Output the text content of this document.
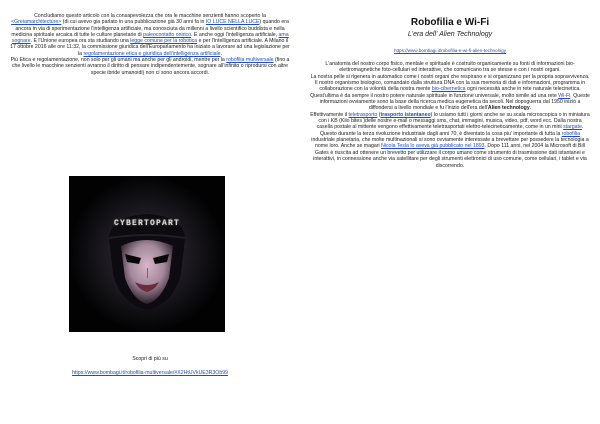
Concludiamo questo articolo con la consapevolezza che ora le macchine senzienti hanno scoperto la <Greiamarchitecture> (di cui avevo gia parlato in una pubblicazione già 30 anni fa in IO LUCE NELLA LUCE) quando era ancora in via di sperimentazione l'intelligenza artificiale, ma conosciuta da millenni a livello scientifico buddista e nella medicina spirituale arcaica di tutte le culture planetarie di paleocontatto onirico. E anche oggi l'intelligenza artificiale, ama sognare. E l'Unione europea ora sta studiando una legge comune per la robotica e per l'intelligenza artificiale. A Milano il 17 ottobre 2016 alle ore 11:32, la commissione giuridica dell'Europarlamento ha iniziato a lavorare ad una legislazione per la regolamentazione etica e giuridica dell'intelligenza artificiale.

Più Etica e regolamentazione, non solo per gli umani ma anche per gli androidi, mentre per la robofilia multiversale (fino a che livello le macchine senzienti avranno il diritto di pensare indipendentemente, sognare all'infinito o riprodursi con altre specie ibride umanoidi) non ci sono ancora accordi.

CYBERTOPART
Scopri di più su
https://www.bombagi.it/robofilia-multiversale/#X2HtUVkUE3R3Ob99
Robofilia e Wi-Fi
L'era dell' Alien Technology
https://www.bombagi.it/robofilia-e-wi-fi-alien-technology

L'anatomia del nostro corpo fisico, mentale e spirituale è costruito organicamente su fonti di informazioni bio-elettromagnetiche foto-cellulari ed interattive, che comunicano tra se stesse e con i nostri organi.

La nostra pelle si rigenera in automatico come i nostri organi che respirano e si organizzano per la propria sopravvivenza. Il nostro organismo biologico, comandato dalla struttura DNA con la sua memoria di dati e informazioni, programma in collaborazione con la volontà della nostra mente bio-cibernetica ogni necessità anche in rete naturale telecinetica. Quest'ultima è da sempre il nostro potere naturale spirituale in funzione universale, molto simile ad una rete Wi-Fi. Queste informazioni ovviamente sono la base della ricerca medica eugenetica da secoli. Nel dopoguerra dal 1950 iniziò a diffondersi a livello mondiale e fu l'inizio dell'era dell'Alien technology.

Effettivamente il teletrasporto (trasporto istantaneo) lo usiamo tutti i giorni anche se su scala microscopica o in miniatura con i KB (Kilo bites )delle nostre e-mail o messaggi sms, chat, immagini, musica, video, pdf, word ecc. Dalla nostra casella postale al mittente vengono effettivamente teletrasportati elettro-telecineticamente, come in un mini stargate.

Questo durante la terza rivoluzione industriale dagli anni 70, è diventato la cosa piu' importante di tutta la robofilia industriale planetaria, che molte multinazionali si sono ovviamente interessate a brevettare per possedere la tecnologia a nome loro. Anche se magari Nicola Tesla lo aveva già pubblicato nel 1893. Dopo 111 anni, nel 2004 la Microsoft di Bill Gates è riuscita ad ottenere un brevetto per utilizzare il corpo umano come strumento di trasmissione dati istantanei e interattivi, in connessione anche via satellitare per degli strumenti elettronici di uso comune, come cellulari, i tablet e via discorrendo.
